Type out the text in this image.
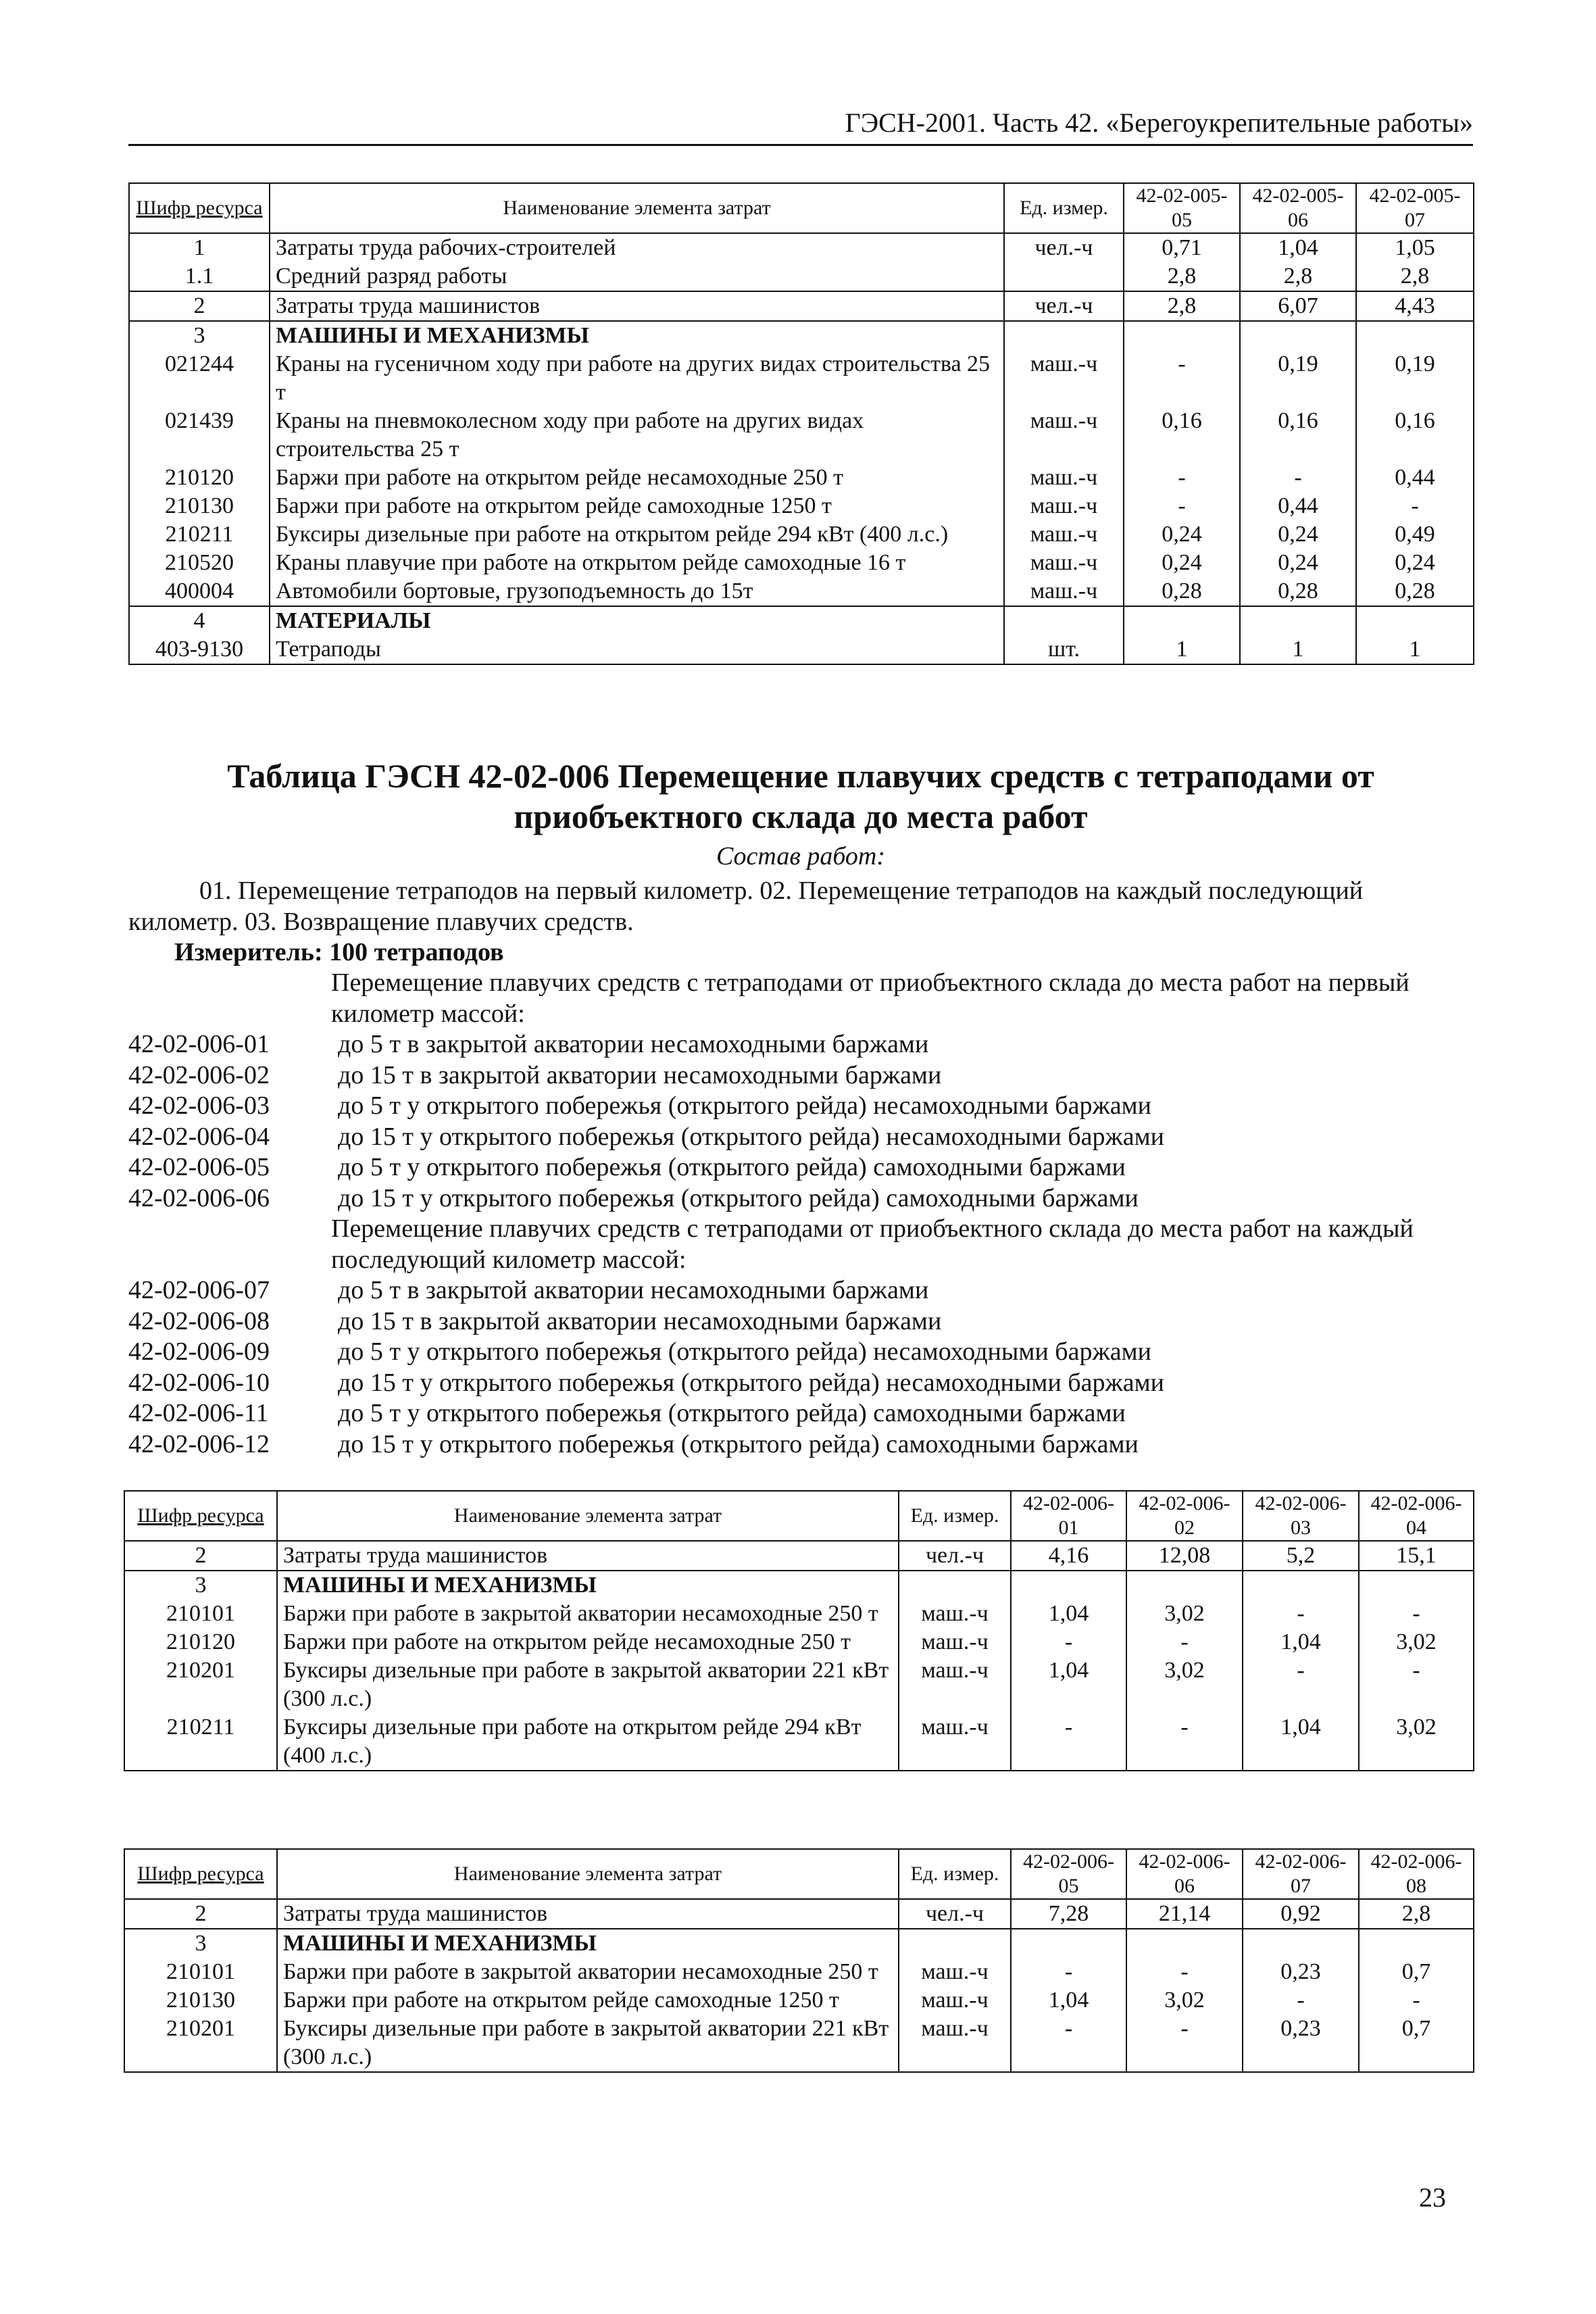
ГЭСН-2001. Часть 42. «Берегоукрепительные работы»
Шифр ресурса	Наименование элемента затрат	Ед. измер.	42-02-005-05	42-02-005-06	42-02-005-07
1	Затраты труда рабочих-строителей	чел.-ч	0,71	1,04	1,05
1.1	Средний разряд работы		2,8	2,8	2,8
2	Затраты труда машинистов	чел.-ч	2,8	6,07	4,43
3	МАШИНЫ И МЕХАНИЗМЫ				
021244	Краны на гусеничном ходу при работе на других видах строительства 25 т	маш.-ч	-	0,19	0,19
021439	Краны на пневмоколесном ходу при работе на других видах строительства 25 т	маш.-ч	0,16	0,16	0,16
210120	Баржи при работе на открытом рейде несамоходные 250 т	маш.-ч	-	-	0,44
210130	Баржи при работе на открытом рейде самоходные 1250 т	маш.-ч	-	0,44	-
210211	Буксиры дизельные при работе на открытом рейде 294 кВт (400 л.с.)	маш.-ч	0,24	0,24	0,49
210520	Краны плавучие при работе на открытом рейде самоходные 16 т	маш.-ч	0,24	0,24	0,24
400004	Автомобили бортовые, грузоподъемность до 15т	маш.-ч	0,28	0,28	0,28
4	МАТЕРИАЛЫ				
403-9130	Тетраподы	шт.	1	1	1
Таблица ГЭСН 42-02-006 Перемещение плавучих средств с тетраподами от приобъектного склада до места работ
Состав работ:
01. Перемещение тетраподов на первый километр. 02. Перемещение тетраподов на каждый последующий километр. 03. Возвращение плавучих средств.
Измеритель: 100 тетраподов
Перемещение плавучих средств с тетраподами от приобъектного склада до места работ на первый километр массой:
42-02-006-01	до 5 т в закрытой акватории несамоходными баржами
42-02-006-02	до 15 т в закрытой акватории несамоходными баржами
42-02-006-03	до 5 т у открытого побережья (открытого рейда) несамоходными баржами
42-02-006-04	до 15 т у открытого побережья (открытого рейда) несамоходными баржами
42-02-006-05	до 5 т у открытого побережья (открытого рейда) самоходными баржами
42-02-006-06	до 15 т у открытого побережья (открытого рейда) самоходными баржами
Перемещение плавучих средств с тетраподами от приобъектного склада до места работ на каждый последующий километр массой:
42-02-006-07	до 5 т в закрытой акватории несамоходными баржами
42-02-006-08	до 15 т в закрытой акватории несамоходными баржами
42-02-006-09	до 5 т у открытого побережья (открытого рейда) несамоходными баржами
42-02-006-10	до 15 т у открытого побережья (открытого рейда) несамоходными баржами
42-02-006-11	до 5 т у открытого побережья (открытого рейда) самоходными баржами
42-02-006-12	до 15 т у открытого побережья (открытого рейда) самоходными баржами
Шифр ресурса	Наименование элемента затрат	Ед. измер.	42-02-006-01	42-02-006-02	42-02-006-03	42-02-006-04
2	Затраты труда машинистов	чел.-ч	4,16	12,08	5,2	15,1
3	МАШИНЫ И МЕХАНИЗМЫ					
210101	Баржи при работе в закрытой акватории несамоходные 250 т	маш.-ч	1,04	3,02	-	-
210120	Баржи при работе на открытом рейде несамоходные 250 т	маш.-ч	-	-	1,04	3,02
210201	Буксиры дизельные при работе в закрытой акватории 221 кВт (300 л.с.)	маш.-ч	1,04	3,02	-	-
210211	Буксиры дизельные при работе на открытом рейде 294 кВт (400 л.с.)	маш.-ч	-	-	1,04	3,02
Шифр ресурса	Наименование элемента затрат	Ед. измер.	42-02-006-05	42-02-006-06	42-02-006-07	42-02-006-08
2	Затраты труда машинистов	чел.-ч	7,28	21,14	0,92	2,8
3	МАШИНЫ И МЕХАНИЗМЫ					
210101	Баржи при работе в закрытой акватории несамоходные 250 т	маш.-ч	-	-	0,23	0,7
210130	Баржи при работе на открытом рейде самоходные 1250 т	маш.-ч	1,04	3,02	-	-
210201	Буксиры дизельные при работе в закрытой акватории 221 кВт (300 л.с.)	маш.-ч	-	-	0,23	0,7
23
